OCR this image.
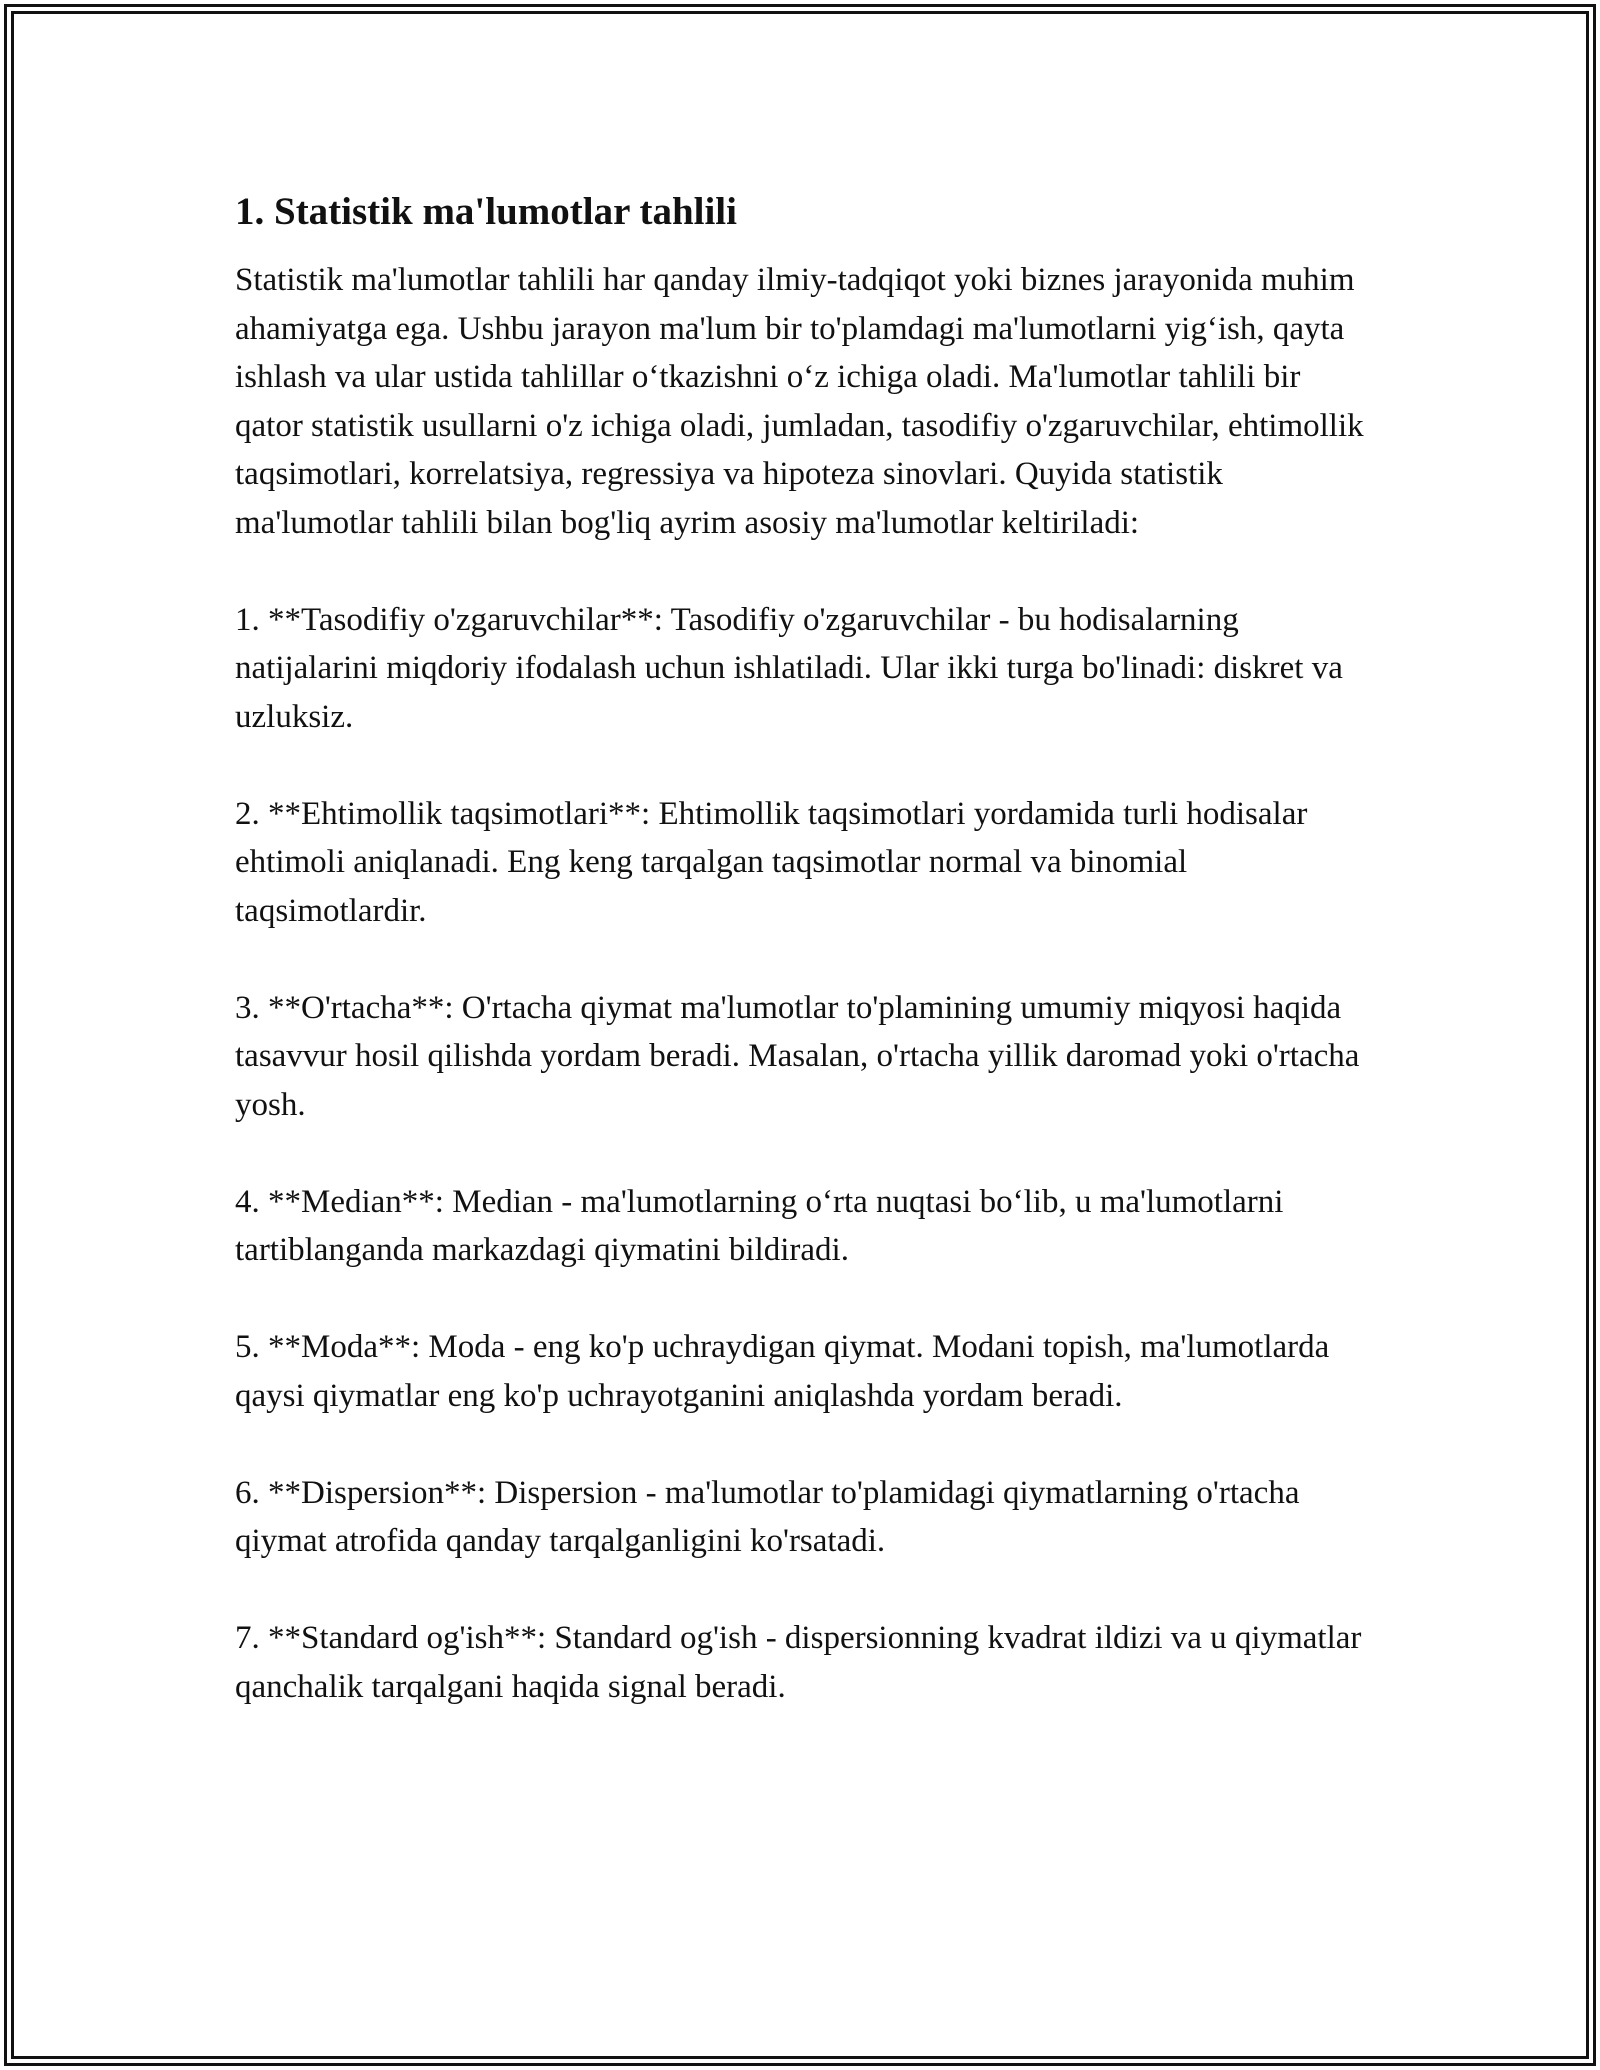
1. Statistik ma'lumotlar tahlili

Statistik ma'lumotlar tahlili har qanday ilmiy-tadqiqot yoki biznes jarayonida muhim ahamiyatga ega. Ushbu jarayon ma'lum bir to'plamdagi ma'lumotlarni yig‘ish, qayta ishlash va ular ustida tahlillar o‘tkazishni o‘z ichiga oladi. Ma'lumotlar tahlili bir qator statistik usullarni o'z ichiga oladi, jumladan, tasodifiy o'zgaruvchilar, ehtimollik taqsimotlari, korrelatsiya, regressiya va hipoteza sinovlari. Quyida statistik ma'lumotlar tahlili bilan bog'liq ayrim asosiy ma'lumotlar keltiriladi:

1. **Tasodifiy o'zgaruvchilar**: Tasodifiy o'zgaruvchilar - bu hodisalarning natijalarini miqdoriy ifodalash uchun ishlatiladi. Ular ikki turga bo'linadi: diskret va uzluksiz.

2. **Ehtimollik taqsimotlari**: Ehtimollik taqsimotlari yordamida turli hodisalar ehtimoli aniqlanadi. Eng keng tarqalgan taqsimotlar normal va binomial taqsimotlardir.

3. **O'rtacha**: O'rtacha qiymat ma'lumotlar to'plamining umumiy miqyosi haqida tasavvur hosil qilishda yordam beradi. Masalan, o'rtacha yillik daromad yoki o'rtacha yosh.

4. **Median**: Median - ma'lumotlarning o‘rta nuqtasi bo‘lib, u ma'lumotlarni tartiblanganda markazdagi qiymatini bildiradi.

5. **Moda**: Moda - eng ko'p uchraydigan qiymat. Modani topish, ma'lumotlarda qaysi qiymatlar eng ko'p uchrayotganini aniqlashda yordam beradi.

6. **Dispersion**: Dispersion - ma'lumotlar to'plamidagi qiymatlarning o'rtacha qiymat atrofida qanday tarqalganligini ko'rsatadi.

7. **Standard og'ish**: Standard og'ish - dispersionning kvadrat ildizi va u qiymatlar qanchalik tarqalgani haqida signal beradi.
